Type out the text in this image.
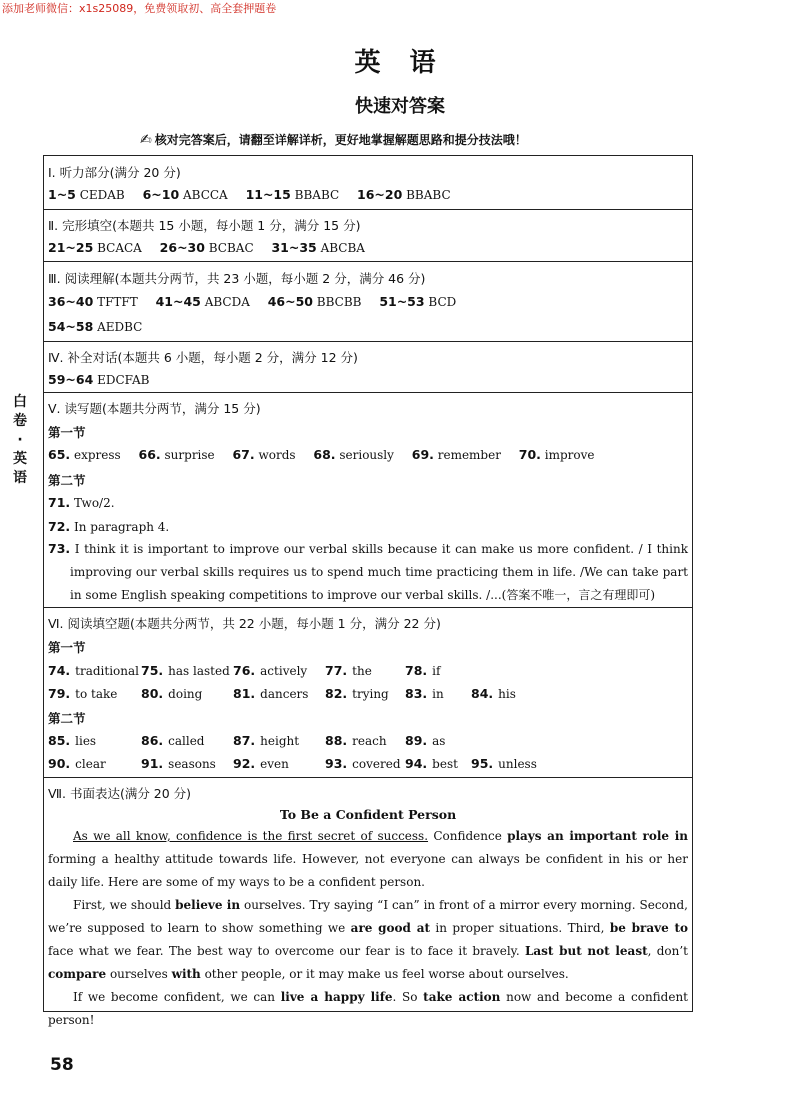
添加老师微信：x1s25089，免费领取初、高全套押题卷
英 语
快速对答案
✍ 核对完答案后，请翻至详解详析，更好地掌握解题思路和提分技法哦！
白
卷
·
英
语
Ⅰ. 听力部分(满分 20 分)
1~5 CEDAB 6~10 ABCCA 11~15 BBABC 16~20 BBABC
Ⅱ. 完形填空(本题共 15 小题，每小题 1 分，满分 15 分)
21~25 BCACA 26~30 BCBAC 31~35 ABCBA
Ⅲ. 阅读理解(本题共分两节，共 23 小题，每小题 2 分，满分 46 分)
36~40 TFTFT 41~45 ABCDA 46~50 BBCBB 51~53 BCD
54~58 AEDBC
Ⅳ. 补全对话(本题共 6 小题，每小题 2 分，满分 12 分)
59~64 EDCFAB
Ⅴ. 读写题(本题共分两节，满分 15 分)
第一节
65. express 66. surprise 67. words 68. seriously 69. remember 70. improve
第二节
71. Two/2.
72. In paragraph 4.
73. I think it is important to improve our verbal skills because it can make us more confident. / I think improving our verbal skills requires us to spend much time practicing them in life. /We can take part in some English speaking competitions to improve our verbal skills. /...(答案不唯一，言之有理即可)
Ⅵ. 阅读填空题(本题共分两节，共 22 小题，每小题 1 分，满分 22 分)
第一节
74. traditional 75. has lasted 76. actively 77. the	78. if
79. to take 80. doing 81. dancers 82. trying 83. in 84. his
第二节
85. lies	86. called 87. height 88. reach 89. as
90. clear	91. seasons 92. even	93. covered 94. best 95. unless
Ⅶ. 书面表达(满分 20 分)
To Be a Confident Person

As we all know, confidence is the first secret of success. Confidence plays an important role in forming a healthy attitude towards life. However, not everyone can always be confident in his or her daily life. Here are some of my ways to be a confident person.

First, we should believe in ourselves. Try saying “I can” in front of a mirror every morning. Second, we’re supposed to learn to show something we are good at in proper situations. Third, be brave to face what we fear. The best way to overcome our fear is to face it bravely. Last but not least, don’t compare ourselves with other people, or it may make us feel worse about ourselves.

If we become confident, we can live a happy life. So take action now and become a confident person!

58
